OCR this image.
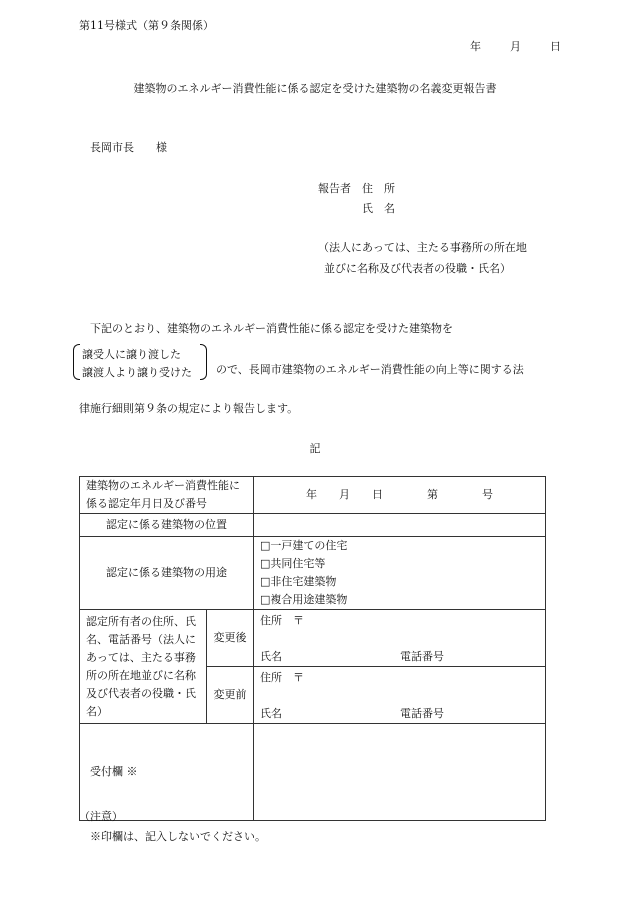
第11号様式（第９条関係）
年	月	日
建築物のエネルギー消費性能に係る認定を受けた建築物の名義変更報告書
長岡市長　　様
報告者　住　所
氏　名
（法人にあっては、主たる事務所の所在地
並びに名称及び代表者の役職・氏名）
下記のとおり、建築物のエネルギー消費性能に係る認定を受けた建築物を
譲受人に譲り渡した
譲渡人より譲り受けた ので、長岡市建築物のエネルギー消費性能の向上等に関する法
律施行細則第９条の規定により報告します。
記
建築物のエネルギー消費性能に係る認定年月日及び番号		年　　月　　日　　　　第　　　　号
認定に係る建築物の位置		
認定に係る建築物の用途		□一戸建ての住宅□共同住宅等
□非住宅建築物□複合用途建築物

認定所有者の住所、氏名、電話番号（法人にあっては、主たる事務所の所在地並びに名称及び代表者の役職・氏名）	変更後	住所　〒
氏名 電話番号

	変更前	住所　〒
氏名 電話番号

受付欄 ※		
（注意）
※印欄は、記入しないでください。
